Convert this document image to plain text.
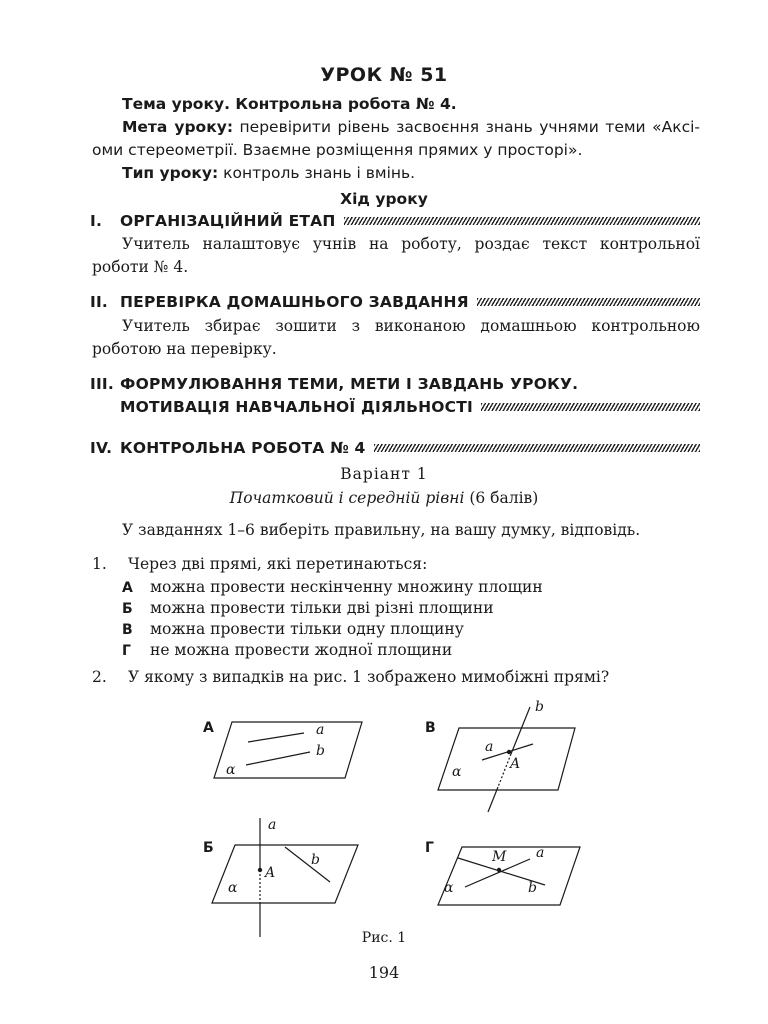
УРОК № 51
Тема уроку. Контрольна робота № 4.
Мета уроку: перевірити рівень засвоєння знань учнями теми «Аксіоми стереометрії. Взаємне розміщення прямих у просторі».
Тип уроку: контроль знань і вмінь.
Хід уроку
I.	ОРГАНІЗАЦІЙНИЙ ЕТАП
Учитель налаштовує учнів на роботу, роздає текст контрольної роботи № 4.
II. ПЕРЕВІРКА ДОМАШНЬОГО ЗАВДАННЯ
Учитель збирає зошити з виконаною домашньою контрольною роботою на перевірку.
III. ФОРМУЛЮВАННЯ ТЕМИ, МЕТИ І ЗАВДАНЬ УРОКУ.
МОТИВАЦІЯ НАВЧАЛЬНОЇ ДІЯЛЬНОСТІ
IV. КОНТРОЛЬНА РОБОТА № 4
Варіант 1
Початковий і середній рівні (6 балів)
У завданнях 1–6 виберіть правильну, на вашу думку, відповідь.
1. Через дві прямі, які перетинаються:
А можна провести нескінченну множину площин
Б можна провести тільки дві різні площини
В можна провести тільки одну площину
Г не можна провести жодної площини
2. У якому з випадків на рис. 1 зображено мимобіжні прямі?
А	В
Б	Г
α
a
b
α
a
b
A
α
a
b
A
α
M a
b
Рис. 1
194
